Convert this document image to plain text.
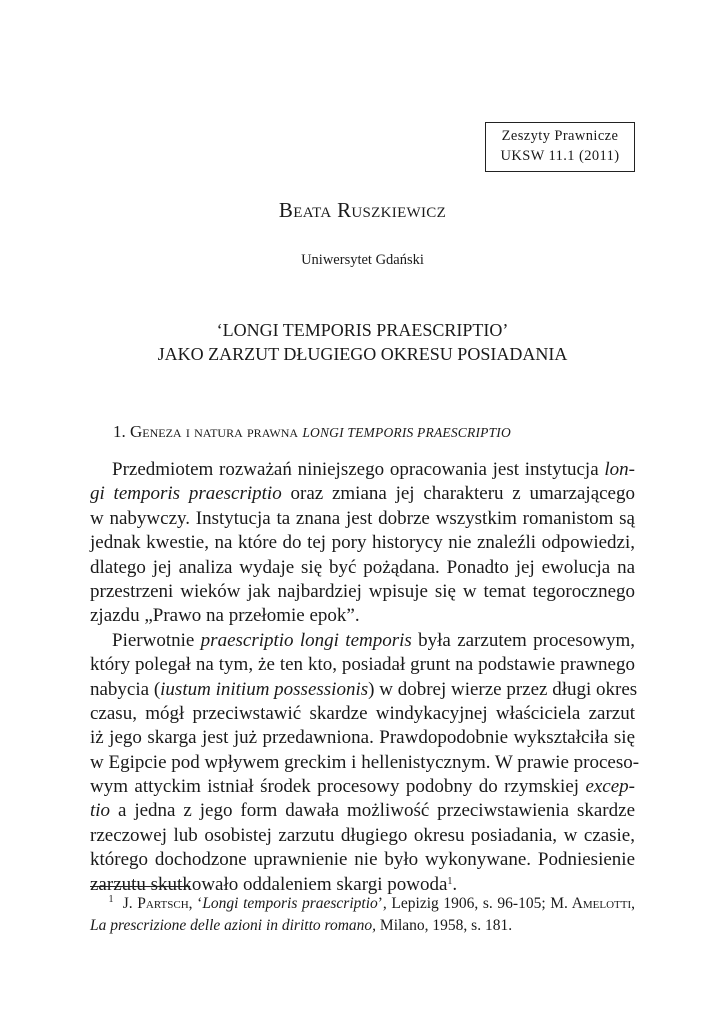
Zeszyty Prawnicze
UKSW 11.1 (2011)
Beata Ruszkiewicz
Uniwersytet Gdański
‘LONGI TEMPORIS PRAESCRIPTIO’
JAKO ZARZUT DŁUGIEGO OKRESU POSIADANIA
1. Geneza i natura prawna LONGI TEMPORIS PRAESCRIPTIO
Przedmiotem rozważań niniejszego opracowania jest instytucja lon-
gi temporis praescriptio oraz zmiana jej charakteru z umarzającego
w nabywczy. Instytucja ta znana jest dobrze wszystkim romanistom są
jednak kwestie, na które do tej pory historycy nie znaleźli odpowiedzi,
dlatego jej analiza wydaje się być pożądana. Ponadto jej ewolucja na
przestrzeni wieków jak najbardziej wpisuje się w temat tegorocznego
zjazdu „Prawo na przełomie epok”.
Pierwotnie praescriptio longi temporis była zarzutem procesowym,
który polegał na tym, że ten kto, posiadał grunt na podstawie prawnego
nabycia (iustum initium possessionis) w dobrej wierze przez długi okres
czasu, mógł przeciwstawić skardze windykacyjnej właściciela zarzut
iż jego skarga jest już przedawniona. Prawdopodobnie wykształciła się
w Egipcie pod wpływem greckim i hellenistycznym. W prawie proceso-
wym attyckim istniał środek procesowy podobny do rzymskiej excep-
tio a jedna z jego form dawała możliwość przeciwstawienia skardze
rzeczowej lub osobistej zarzutu długiego okresu posiadania, w czasie,
którego dochodzone uprawnienie nie było wykonywane. Podniesienie
zarzutu skutkowało oddaleniem skargi powoda$^1$.
$^1$ J. Partsch, ‘Longi temporis praescriptio’, Lepizig 1906, s. 96-105; M. Amelotti,
La prescrizione delle azioni in diritto romano, Milano, 1958, s. 181.
